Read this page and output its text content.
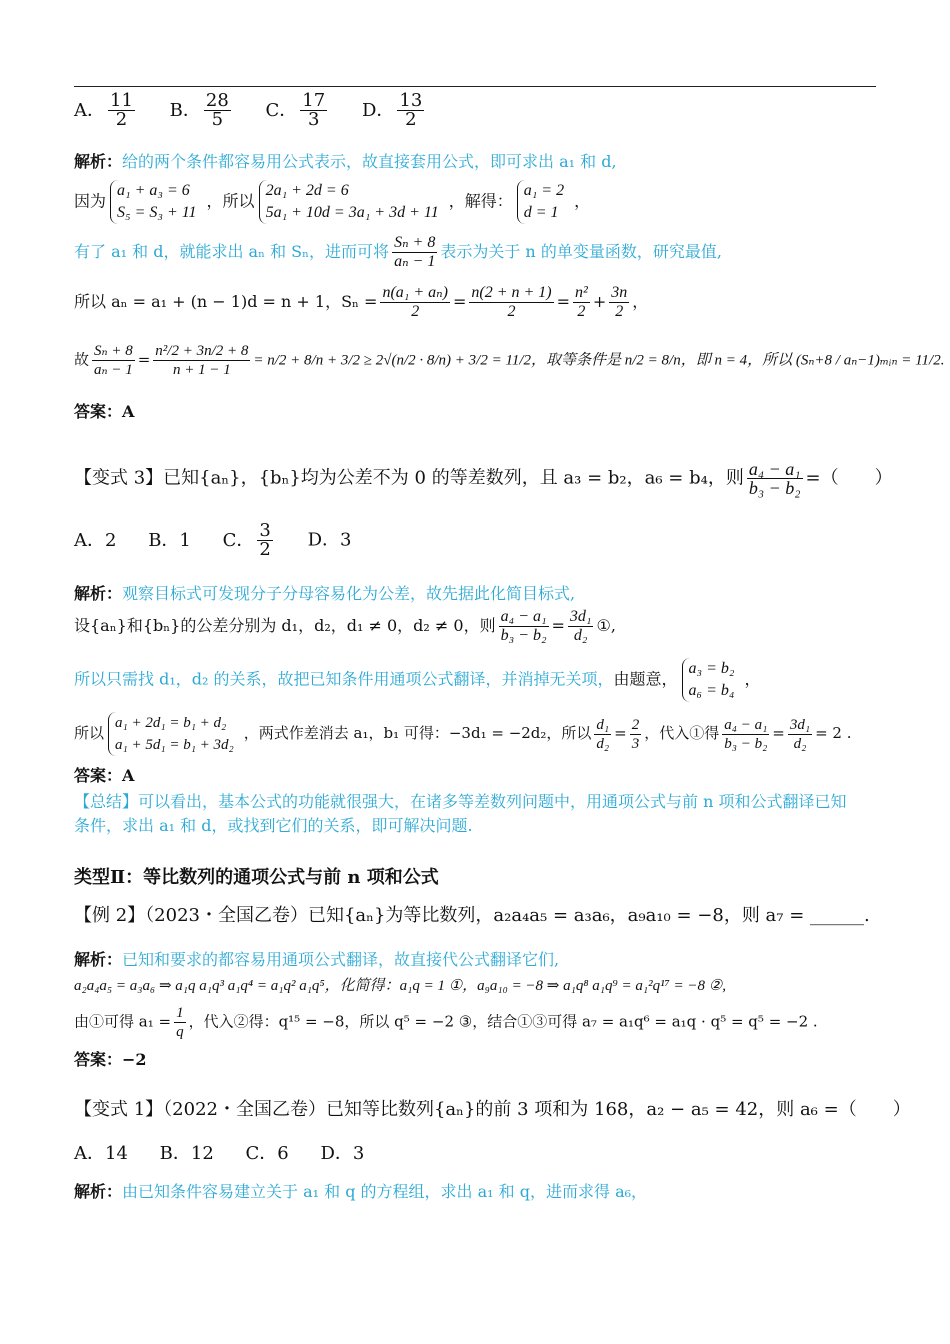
A． $\frac{11}{2}$ B． $\frac{28}{5}$ C． $\frac{17}{3}$ D． $\frac{13}{2}$
解析：给的两个条件都容易用公式表示，故直接套用公式，即可求出 a₁ 和 d,
因为
a₁ + a₃ = 6
S₅ = S₃ + 11
，所以
2a₁ + 2d = 6
5a₁ + 10d = 3a₁ + 3d + 11
，解得：
a₁ = 2
d = 1
，
有了 a₁ 和 d，就能求出 aₙ 和 Sₙ，进而可将 $\frac{\text{Sₙ + 8}}{\text{aₙ − 1}}$ 表示为关于 n 的单变量函数，研究最值,
所以 aₙ = a₁ + (n − 1)d = n + 1，$S_n = \frac{\text{n(a₁ + aₙ)}}{2} = \frac{n(2 + n + 1)}{2} = \frac{\text{n²}}{2} + \frac{3n}{2}$ ，
故 $\frac{\text{Sₙ + 8}}{\text{aₙ − 1}} = \frac{\text{n²/2 + 3n/2 + 8}}{n + 1 - 1} = n/2 + 8/n + 3/2 \ge 2√(n/2 \cdot 8/n) + 3/2 = 11/2$，取等条件是 n/2 = 8/n，即 n = 4，所以 (Sₙ+8 / aₙ−1)ₘᵢₙ = 11/2.
答案：A
【变式 3】已知{aₙ}，{bₙ}均为公差不为 0 的等差数列，且 a₃ = b₂，a₆ = b₄，则 $\frac{\text{a₄ − a₁}}{\text{b₃ − b₂}}$ =（　　）
A．2 B．1 C． $\frac{3}{2}$ D．3
解析：观察目标式可发现分子分母容易化为公差，故先据此化简目标式,
设{aₙ}和{bₙ}的公差分别为 d₁，d₂，d₁ ≠ 0，d₂ ≠ 0，则 $\frac{\text{a₄ − a₁}}{\text{b₃ − b₂}} = \frac{\text{3d₁}}{\text{d₂}}$ ①,
所以只需找 d₁，d₂ 的关系，故把已知条件用通项公式翻译，并消掉无关项，由题意，
a₃ = b₂
a₆ = b₄
，
所以
a₁ + 2d₁ = b₁ + d₂
a₁ + 5d₁ = b₁ + 3d₂
，两式作差消去 a₁，b₁ 可得：−3d₁ = −2d₂，所以 $\frac{\text{d₁}}{\text{d₂}} = \frac{2}{3}$ ，代入①得 $\frac{\text{a₄ − a₁}}{\text{b₃ − b₂}} = \frac{\text{3d₁}}{\text{d₂}} = 2$ .
答案：A
【总结】可以看出，基本公式的功能就很强大，在诸多等差数列问题中，用通项公式与前 n 项和公式翻译已知
条件，求出 a₁ 和 d，或找到它们的关系，即可解决问题.
类型Ⅱ：等比数列的通项公式与前 n 项和公式
【例 2】（2023・全国乙卷）已知{aₙ}为等比数列，a₂a₄a₅ = a₃a₆，a₉a₁₀ = −8，则 a₇ = ______.
解析：已知和要求的都容易用通项公式翻译，故直接代公式翻译它们,
a₂a₄a₅ = a₃a₆ ⇒ a₁q a₁q³ a₁q⁴ = a₁q² a₁q⁵，化简得：a₁q = 1 ①，a₉a₁₀ = −8 ⇒ a₁q⁸ a₁q⁹ = a₁²q¹⁷ = −8 ②,
由①可得 $a_1 = \frac{1}{q}$ ，代入②得：q¹⁵ = −8，所以 q⁵ = −2 ③，结合①③可得 a₇ = a₁q⁶ = a₁q · q⁵ = q⁵ = −2 .
答案：−2
【变式 1】（2022・全国乙卷）已知等比数列{aₙ}的前 3 项和为 168，a₂ − a₅ = 42，则 a₆ =（　　）
A．14 B．12 C．6 D．3
解析：由已知条件容易建立关于 a₁ 和 q 的方程组，求出 a₁ 和 q，进而求得 a₆，
